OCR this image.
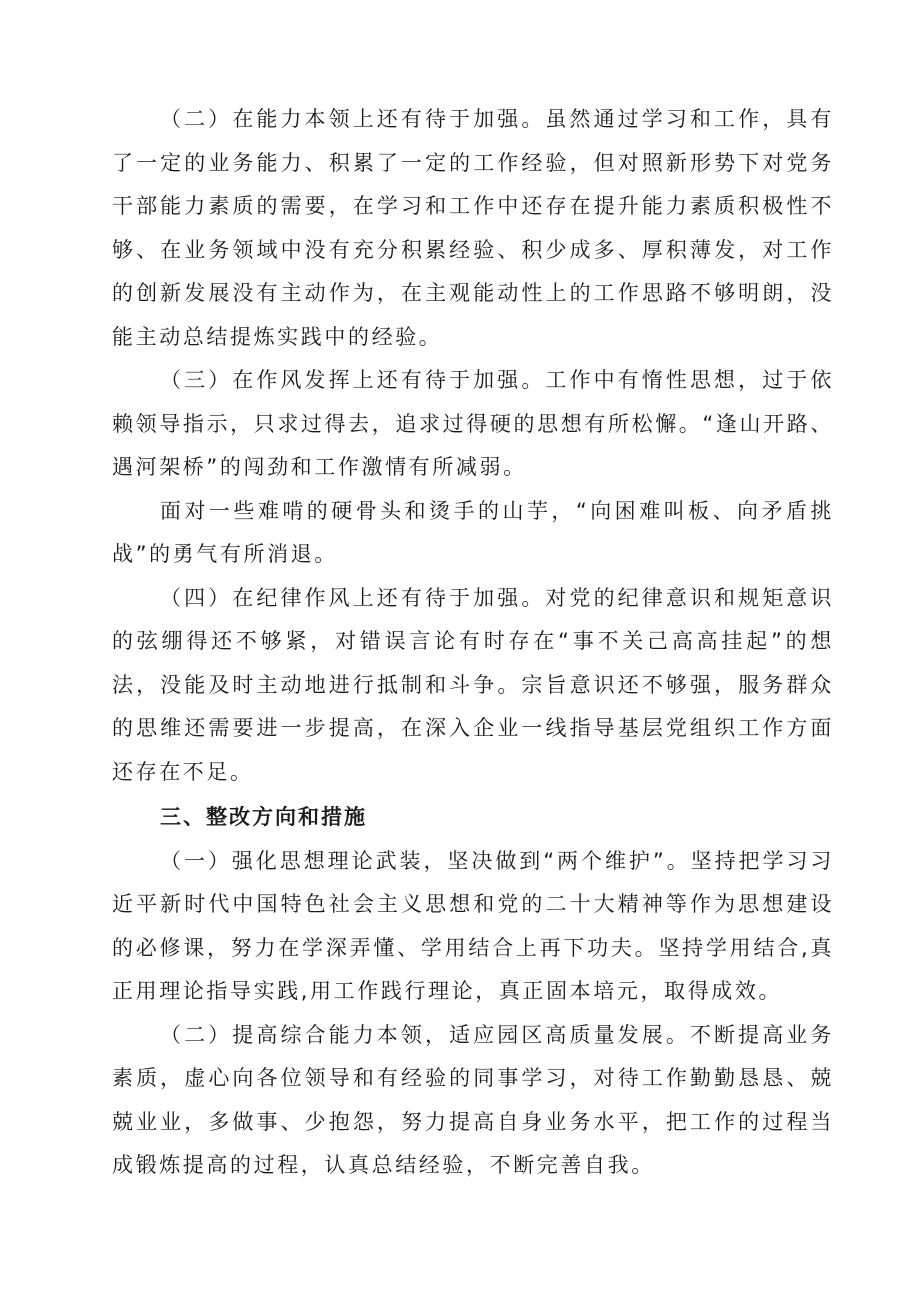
（二）在能力本领上还有待于加强。虽然通过学习和工作，具有了一定的业务能力、积累了一定的工作经验，但对照新形势下对党务干部能力素质的需要，在学习和工作中还存在提升能力素质积极性不够、在业务领域中没有充分积累经验、积少成多、厚积薄发，对工作的创新发展没有主动作为，在主观能动性上的工作思路不够明朗，没能主动总结提炼实践中的经验。

（三）在作风发挥上还有待于加强。工作中有惰性思想，过于依赖领导指示，只求过得去，追求过得硬的思想有所松懈。“逢山开路、遇河架桥”的闯劲和工作激情有所减弱。

面对一些难啃的硬骨头和烫手的山芋，“向困难叫板、向矛盾挑战”的勇气有所消退。

（四）在纪律作风上还有待于加强。对党的纪律意识和规矩意识的弦绷得还不够紧，对错误言论有时存在“事不关己高高挂起”的想法，没能及时主动地进行抵制和斗争。宗旨意识还不够强，服务群众的思维还需要进一步提高，在深入企业一线指导基层党组织工作方面还存在不足。

三、整改方向和措施

（一）强化思想理论武装，坚决做到“两个维护”。坚持把学习习近平新时代中国特色社会主义思想和党的二十大精神等作为思想建设的必修课，努力在学深弄懂、学用结合上再下功夫。坚持学用结合,真正用理论指导实践,用工作践行理论，真正固本培元，取得成效。

（二）提高综合能力本领，适应园区高质量发展。不断提高业务素质，虚心向各位领导和有经验的同事学习，对待工作勤勤恳恳、兢兢业业，多做事、少抱怨，努力提高自身业务水平，把工作的过程当成锻炼提高的过程，认真总结经验，不断完善自我。
